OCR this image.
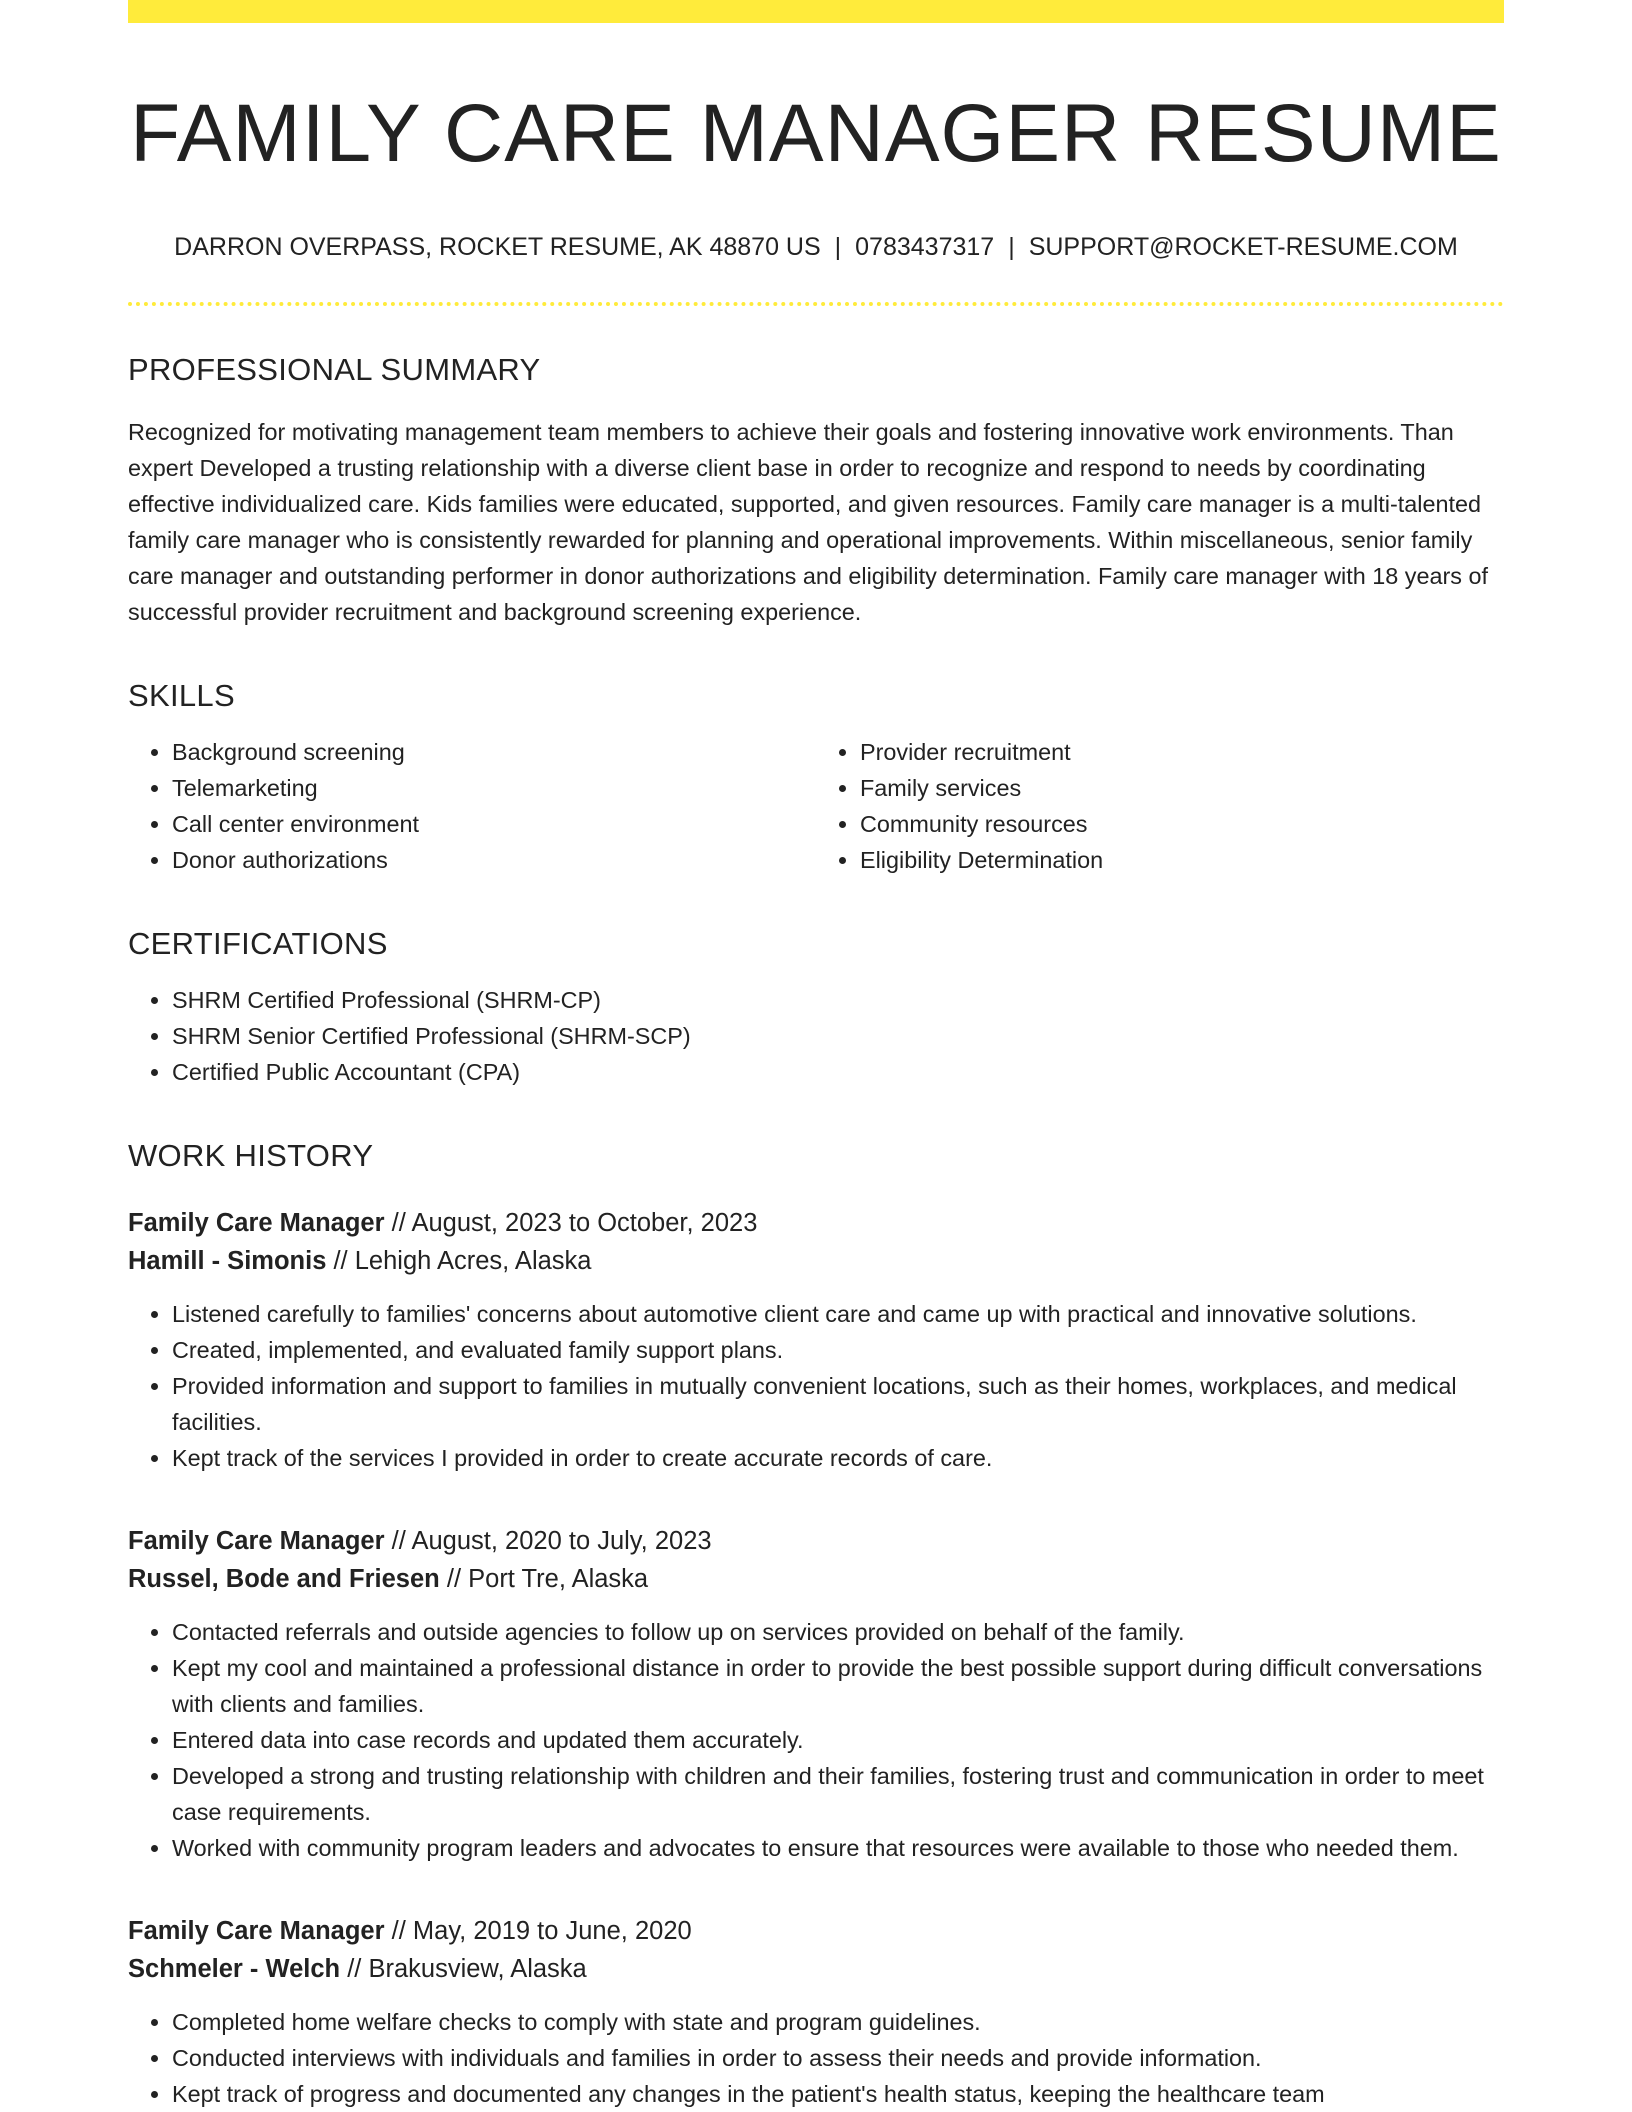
FAMILY CARE MANAGER RESUME
DARRON OVERPASS, ROCKET RESUME, AK 48870 US | 0783437317 | SUPPORT@ROCKET-RESUME.COM
PROFESSIONAL SUMMARY
Recognized for motivating management team members to achieve their goals and fostering innovative work environments. Than expert Developed a trusting relationship with a diverse client base in order to recognize and respond to needs by coordinating effective individualized care. Kids families were educated, supported, and given resources. Family care manager is a multi-talented family care manager who is consistently rewarded for planning and operational improvements. Within miscellaneous, senior family care manager and outstanding performer in donor authorizations and eligibility determination. Family care manager with 18 years of successful provider recruitment and background screening experience.
SKILLS
• Background screening
• Telemarketing
• Call center environment
• Donor authorizations
• Provider recruitment
• Family services
• Community resources
• Eligibility Determination
CERTIFICATIONS
• SHRM Certified Professional (SHRM-CP)
• SHRM Senior Certified Professional (SHRM-SCP)
• Certified Public Accountant (CPA)
WORK HISTORY
Family Care Manager // August, 2023 to October, 2023
Hamill - Simonis // Lehigh Acres, Alaska
• Listened carefully to families' concerns about automotive client care and came up with practical and innovative solutions.
• Created, implemented, and evaluated family support plans.
• Provided information and support to families in mutually convenient locations, such as their homes, workplaces, and medical facilities.
• Kept track of the services I provided in order to create accurate records of care.
Family Care Manager // August, 2020 to July, 2023
Russel, Bode and Friesen // Port Tre, Alaska
• Contacted referrals and outside agencies to follow up on services provided on behalf of the family.
• Kept my cool and maintained a professional distance in order to provide the best possible support during difficult conversations with clients and families.
• Entered data into case records and updated them accurately.
• Developed a strong and trusting relationship with children and their families, fostering trust and communication in order to meet case requirements.
• Worked with community program leaders and advocates to ensure that resources were available to those who needed them.
Family Care Manager // May, 2019 to June, 2020
Schmeler - Welch // Brakusview, Alaska
• Completed home welfare checks to comply with state and program guidelines.
• Conducted interviews with individuals and families in order to assess their needs and provide information.
• Kept track of progress and documented any changes in the patient's health status, keeping the healthcare team
